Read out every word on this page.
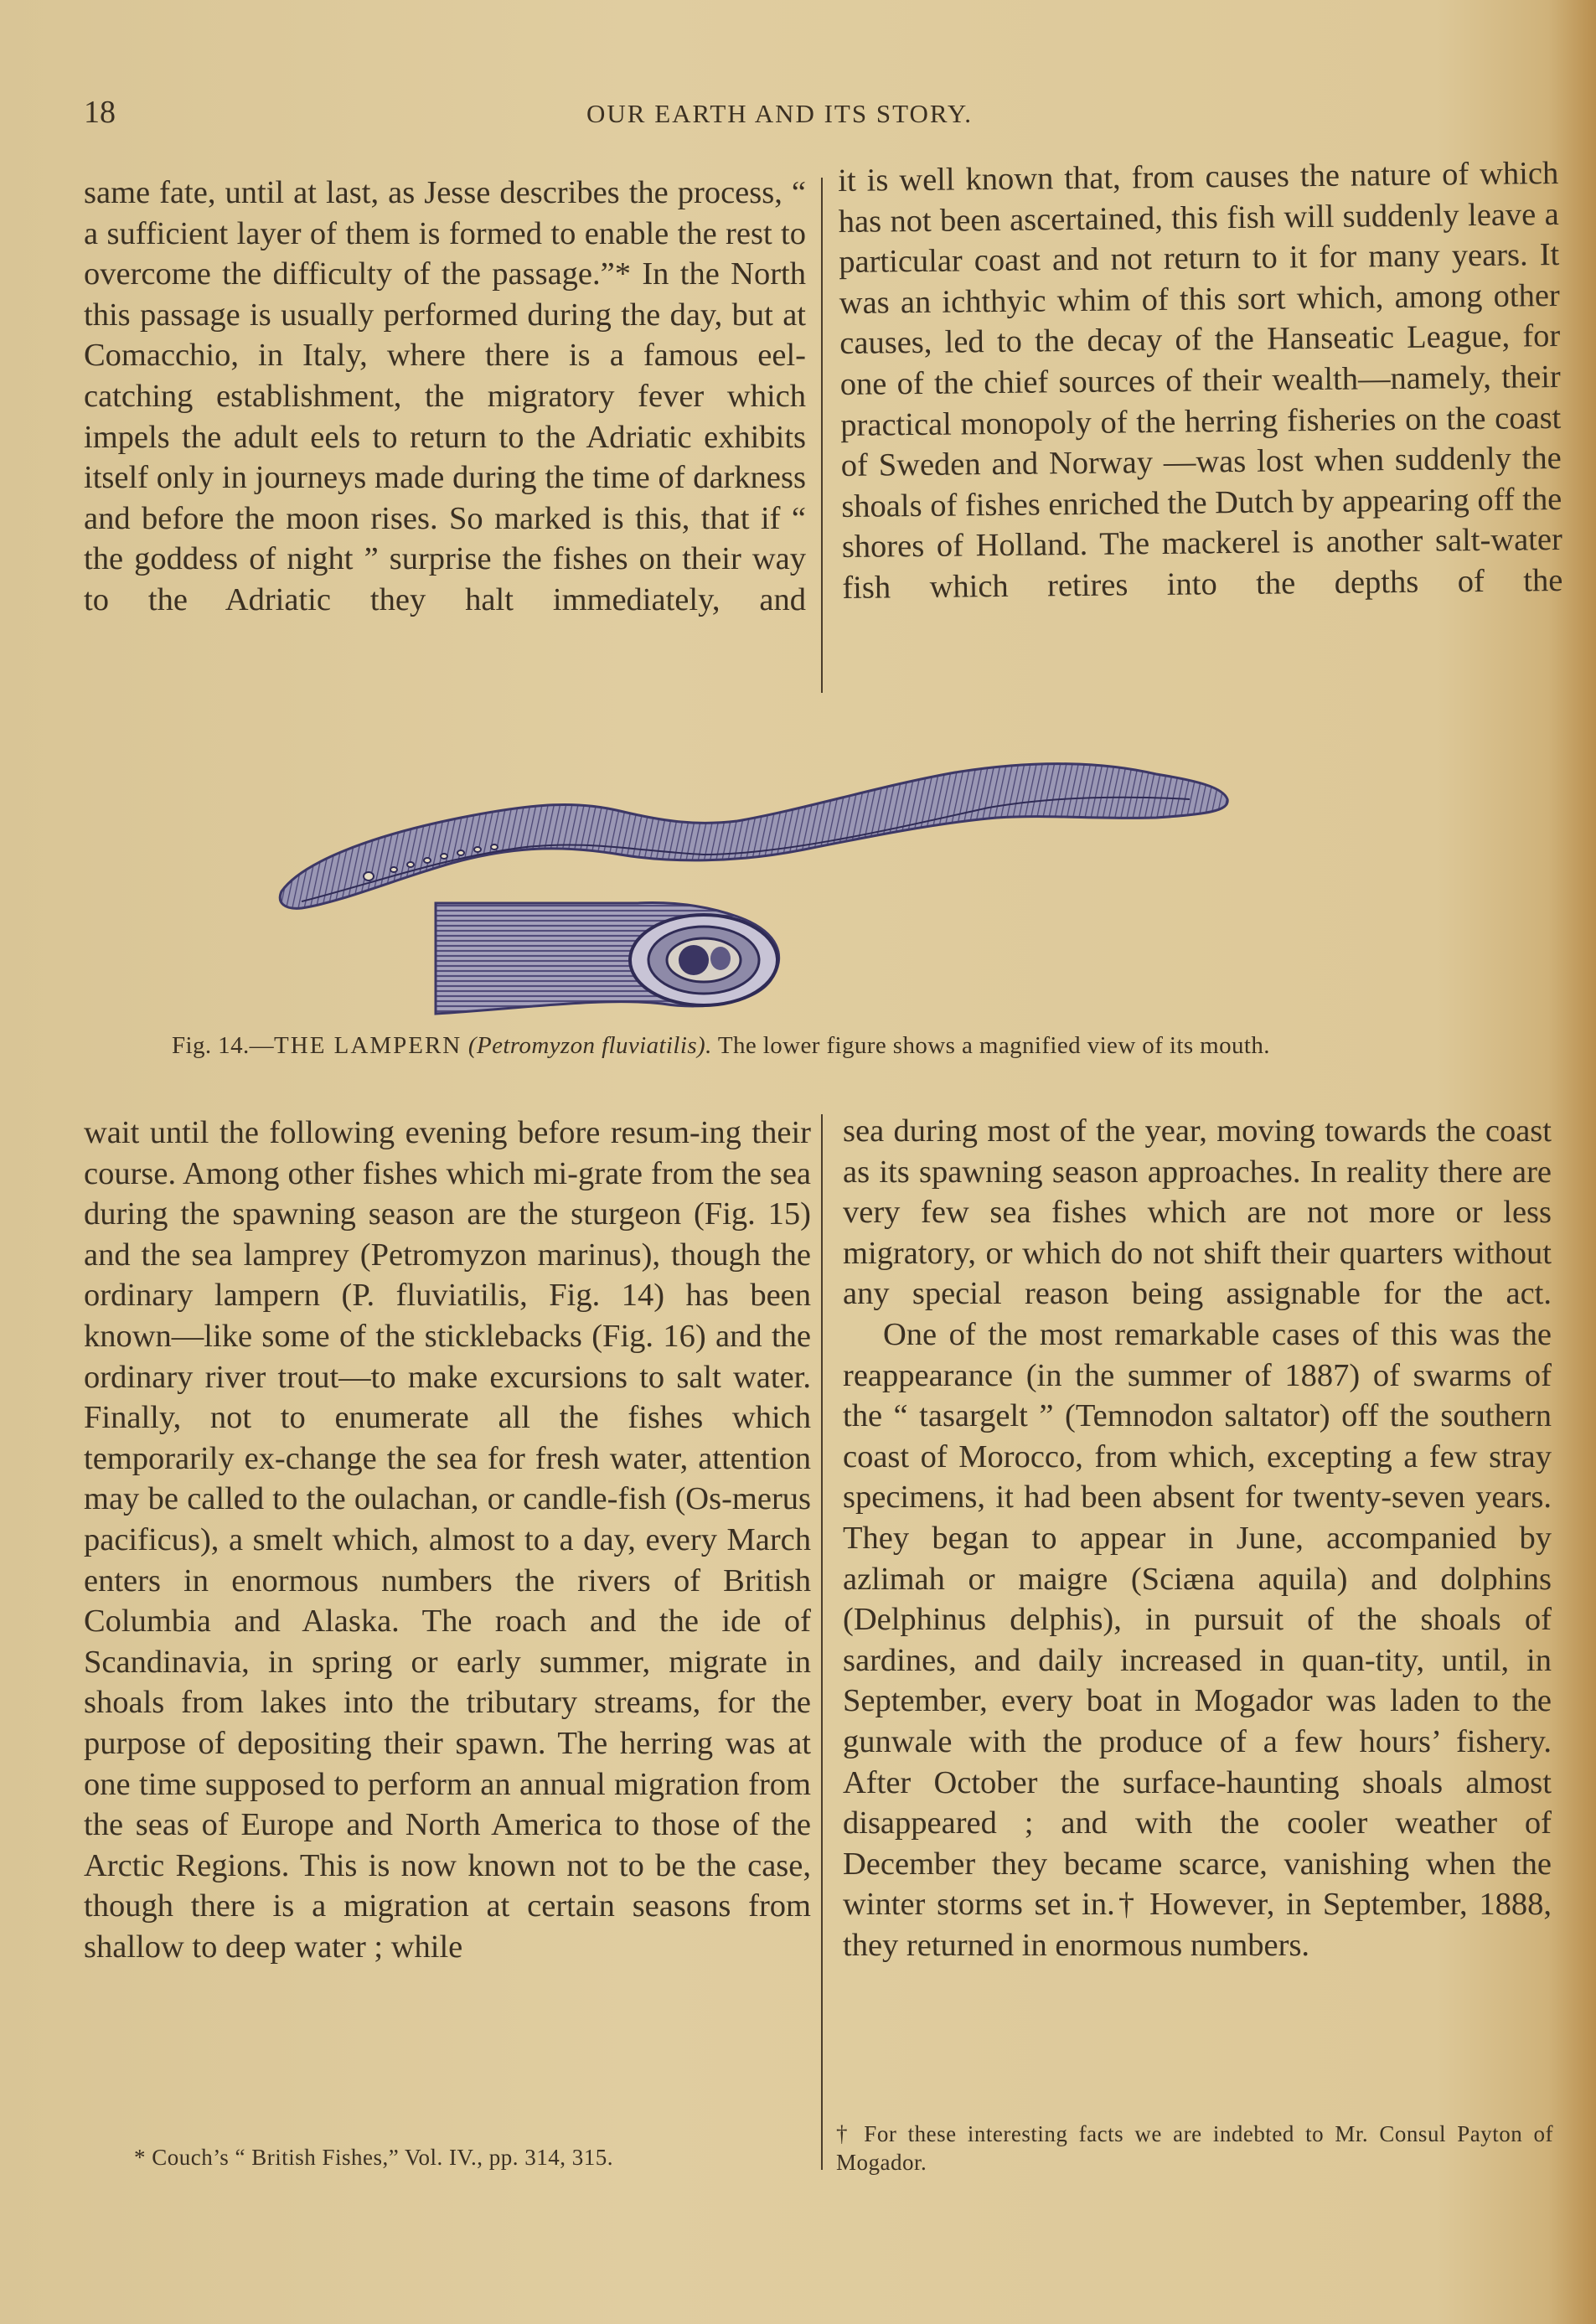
18	OUR EARTH AND ITS STORY.

same fate, until at last, as Jesse describes the process, “ a sufficient layer of them is formed to enable the rest to overcome the difficulty of the passage.”* In the North this passage is usually performed during the day, but at Comacchio, in Italy, where there is a famous eel-catching establishment, the migratory fever which impels the adult eels to return to the Adriatic exhibits itself only in journeys made during the time of darkness and before the moon rises. So marked is this, that if “ the goddess of night ” surprise the fishes on their way to the Adriatic they halt immediately, and

it is well known that, from causes the nature of which has not been ascertained, this fish will suddenly leave a particular coast and not return to it for many years. It was an ichthyic whim of this sort which, among other causes, led to the decay of the Hanseatic League, for one of the chief sources of their wealth—namely, their practical monopoly of the herring fisheries on the coast of Sweden and Norway —was lost when suddenly the shoals of fishes enriched the Dutch by appearing off the shores of Holland. The mackerel is another salt-water fish which retires into the depths of the

Fig. 14.—THE LAMPERN (Petromyzon fluviatilis). The lower figure shows a magnified view of its mouth.

wait until the following evening before resum-ing their course. Among other fishes which mi-grate from the sea during the spawning season are the sturgeon (Fig. 15) and the sea lamprey (Petromyzon marinus), though the ordinary lampern (P. fluviatilis, Fig. 14) has been known—like some of the sticklebacks (Fig. 16) and the ordinary river trout—to make excursions to salt water. Finally, not to enumerate all the fishes which temporarily ex-change the sea for fresh water, attention may be called to the oulachan, or candle-fish (Os-merus pacificus), a smelt which, almost to a day, every March enters in enormous numbers the rivers of British Columbia and Alaska. The roach and the ide of Scandinavia, in spring or early summer, migrate in shoals from lakes into the tributary streams, for the purpose of depositing their spawn. The herring was at one time supposed to perform an annual migration from the seas of Europe and North America to those of the Arctic Regions. This is now known not to be the case, though there is a migration at certain seasons from shallow to deep water ; while

sea during most of the year, moving towards the coast as its spawning season approaches. In reality there are very few sea fishes which are not more or less migratory, or which do not shift their quarters without any special reason being assignable for the act.

One of the most remarkable cases of this was the reappearance (in the summer of 1887) of swarms of the “ tasargelt ” (Temnodon saltator) off the southern coast of Morocco, from which, excepting a few stray specimens, it had been absent for twenty-seven years. They began to appear in June, accompanied by azlimah or maigre (Sciæna aquila) and dolphins (Delphinus delphis), in pursuit of the shoals of sardines, and daily increased in quan-tity, until, in September, every boat in Mogador was laden to the gunwale with the produce of a few hours’ fishery. After October the surface-haunting shoals almost disappeared ; and with the cooler weather of December they became scarce, vanishing when the winter storms set in.† However, in September, 1888, they returned in enormous numbers.

* Couch’s “ British Fishes,” Vol. IV., pp. 314, 315.
† For these interesting facts we are indebted to Mr. Consul Payton of Mogador.
